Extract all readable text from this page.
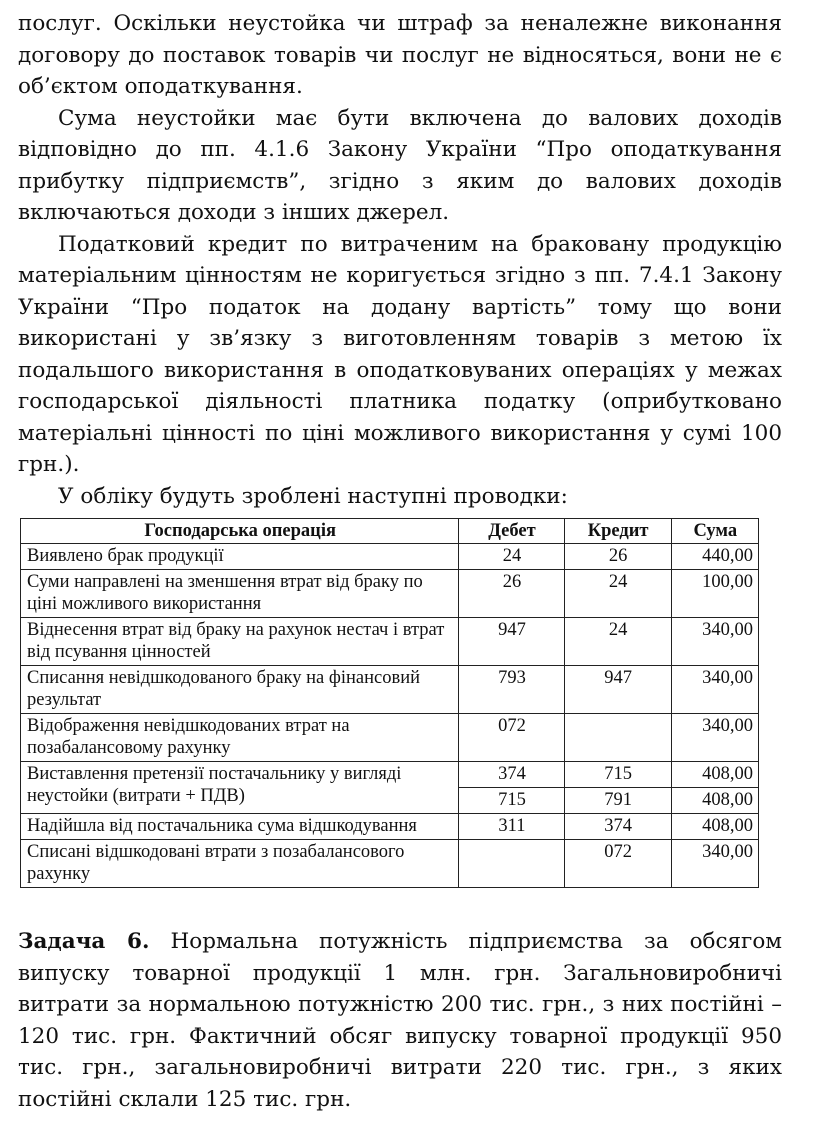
послуг. Оскільки неустойка чи штраф за неналежне виконання договору до поставок товарів чи послуг не відносяться, вони не є об’єктом оподаткування.

Сума неустойки має бути включена до валових доходів відповідно до пп. 4.1.6 Закону України “Про оподаткування прибутку підприємств”, згідно з яким до валових доходів включаються доходи з інших джерел.

Податковий кредит по витраченим на браковану продукцію матеріальним цінностям не коригується згідно з пп. 7.4.1 Закону України “Про податок на додану вартість” тому що вони використані у зв’язку з виготовленням товарів з метою їх подальшого використання в оподатковуваних операціях у межах господарської діяльності платника податку (оприбутковано матеріальні цінності по ціні можливого використання у сумі 100 грн.).

У обліку будуть зроблені наступні проводки:

Господарська операція	Дебет	Кредит	Сума
Виявлено брак продукції	24	26	440,00
Суми направлені на зменшення втрат від браку по ціні можливого використання	26	24	100,00
Віднесення втрат від браку на рахунок нестач і втрат від псування цінностей	947	24	340,00
Списання невідшкодованого браку на фінансовий результат	793	947	340,00
Відображення невідшкодованих втрат на позабалансовому рахунку	072		340,00
Виставлення претензії постачальнику у вигляді неустойки (витрати + ПДВ)	374	715	408,00
	715	791	408,00
Надійшла від постачальника сума відшкодування	311	374	408,00
Списані відшкодовані втрати з позабалансового рахунку		072	340,00

Задача 6. Нормальна потужність підприємства за обсягом випуску товарної продукції 1 млн. грн. Загальновиробничі витрати за нормальною потужністю 200 тис. грн., з них постійні – 120 тис. грн. Фактичний обсяг випуску товарної продукції 950 тис. грн., загальновиробничі витрати 220 тис. грн., з яких постійні склали 125 тис. грн.
